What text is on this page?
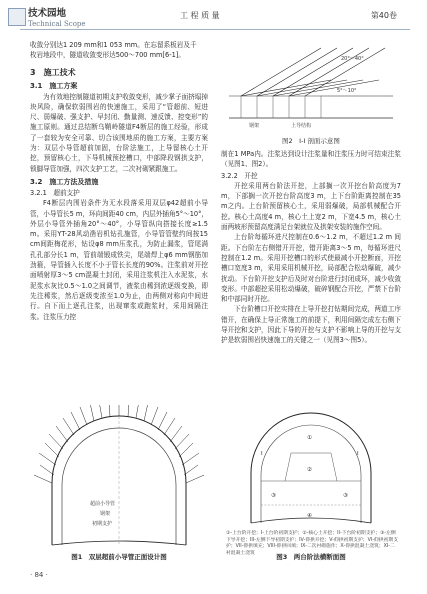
技术园地
Technical Scope
工 程 质 量	第40卷

收敛分别达1 209 mm和1 053 mm。在忘留系板岩及千

枚岩地段中，隧道收敛变形达500～700 mm[6-1]。

3　施工技术
3.1　施工方案

为有效地控制隧道初期支护收敛变形，减少掌子面挤塌掉块风险，确保软弱围岩的快速施工，采用了“管超前、短进尺、弱爆破、强支护、早封闭、勤量测、速反馈、控变形”的施工原则。通过总结断乌鞘岭隧道F4断层的施工经验，形成了一套较为安全可靠、切合该围地质的施工方案，主要方案为：双层小导管超前加固，台阶法施工，上导留核心土开挖，预留核心土，下导机械预挖槽口，中部降段钢拱支护，锁脚导管加强，四次支护工艺，二次衬砌紧跟施工。

3.2　施工方法及措施
3.2.1　超前支护

F4断层内围岩条件为无水段落采用双层φ42超前小导管，小导管长5 m，环向间距40 cm，内层外插角5°～10°，外层小导管外插角20°～40°，小导管纵向搭接长度≥1.5 m。采用YT-28风动凿岩机钻孔施管，小导管管壁约间按15 cm间距梅花形，钻设φ8 mm压浆孔，为防止漏浆，管尾满孔孔部分长1 m，管前端锻成铁尖，尾端焊上φ6 mm钢筋加劲箍，导管插入长度不小于管长长度的90%。注浆前对开挖面喷射厚3～5 cm混凝土封闭，采用注浆机注入水泥浆，水泥浆水灰比0.5～1.0之间调节，液浆由稀到浓逐级变换，即先注稀浆，然后逐级变浓至1.0为止，由两侧对称向中间进行。自下而上逐孔注浆，出现窜浆或跑浆时，采用间隔注浆。注浆压力控

钢架	上导结构
5°～10°
20°～40°
图2　I-I 剖面示意图

制在1 MPa内。注浆达到设计注浆量和注浆压力时可结束注浆（见图1、图2）。

3.2.2　开挖

开挖采用两台阶法开挖，上部搁一次开挖台阶高度为7 m，下部搁一次开挖台阶高度3 m，上下台阶距离控制在35 m之内。上台阶预留核心土，采用弱爆破，局部机械配合开挖。核心土高度4 m，核心土上宽2 m，下宽4.5 m，核心土面两坡形预留高度满足台架就位及拱架安装的施作空间。

上台阶每循环进尺控制在0.6～1.2 m，不超过1.2 m 间距。下台阶左右侧错开开挖，错开距离3～5 m，每循环进尺控制在1.2 m。采用开挖槽口的形式使最减小开挖断面，开挖槽口宽度3 m，采用采用机械开挖，局部配合松动爆破，减少扰动。下台阶开挖支护后及时对台阶进行封闭成环，减少收敛变形。中部超挖采用松动爆破，破碎钢配合开挖，严禁下台阶和中部同时开挖。

下台阶槽口开挖实排在上导开挖打钻期间完成，两道工序错开，在确保上导正常施工的前提下，利用间隔完成左右侧下导开挖和支护，因此下导的开挖与支护不影响上导的开挖与支护是软弱围岩快速施工的关键之一（见图3～图5）。

超前小导管
钢架
初期支护
图1　双层超前小导管正面设计图
①
②
③	③
④
I	I
①-上台阶开挖；I-上台阶初期支护；②-核心土开挖；II-下台阶初期支护；③-左侧下导开挖；III-左侧下导初期支护；IV-仰拱开挖；V-仰拱初期支护；VI-仰拱初期支护；VII-仰拱填充；VIII-仰拱回填；IX-二次衬砌施作；X-仰拱混凝土浇筑；XI-二衬混凝土浇筑	图3　两台阶法横断面图
· 84 ·
